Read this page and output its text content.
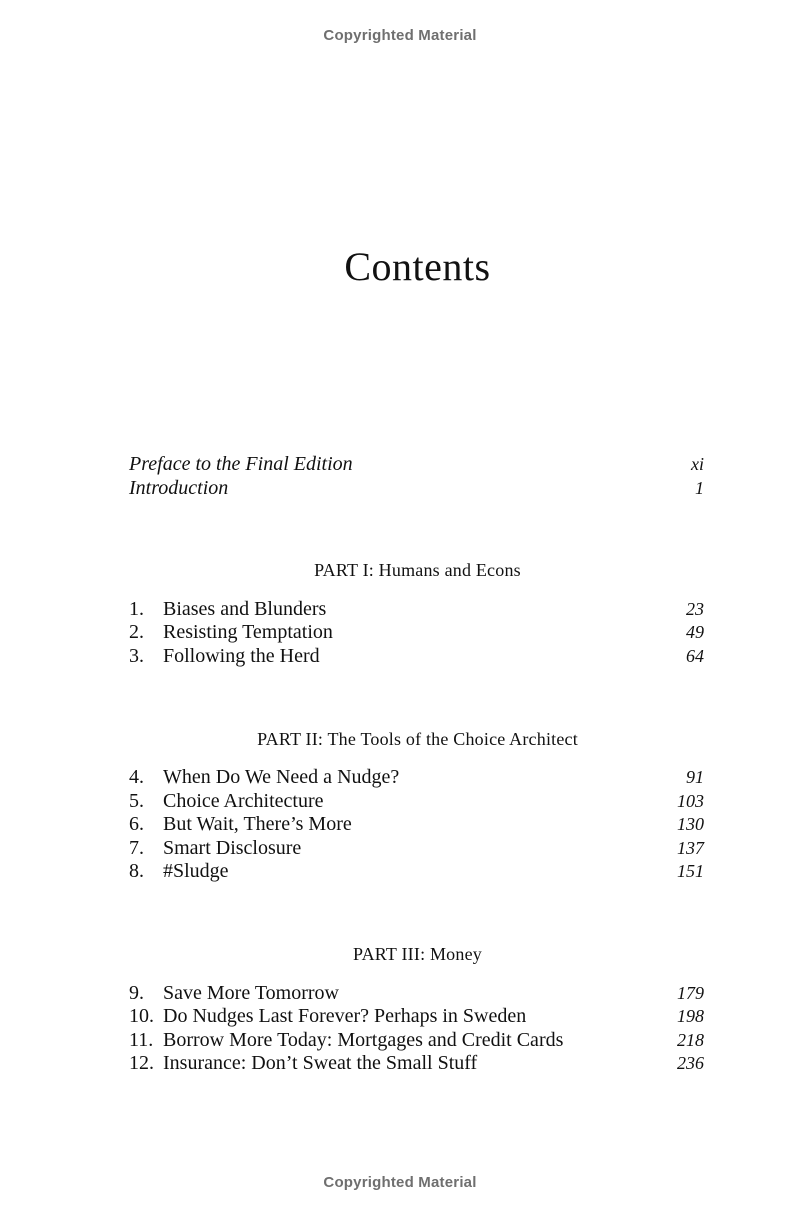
Copyrighted Material
Contents
Preface to the Final Edition	xi
Introduction	1
PART I: Humans and Econs
1. Biases and Blunders	23
2. Resisting Temptation	49
3. Following the Herd	64
PART II: The Tools of the Choice Architect
4. When Do We Need a Nudge?	91
5. Choice Architecture	103
6. But Wait, There’s More	130
7. Smart Disclosure	137
8. #Sludge	151
PART III: Money
9. Save More Tomorrow	179
10. Do Nudges Last Forever? Perhaps in Sweden	198
11. Borrow More Today: Mortgages and Credit Cards	218
12. Insurance: Don’t Sweat the Small Stuff	236
Copyrighted Material
